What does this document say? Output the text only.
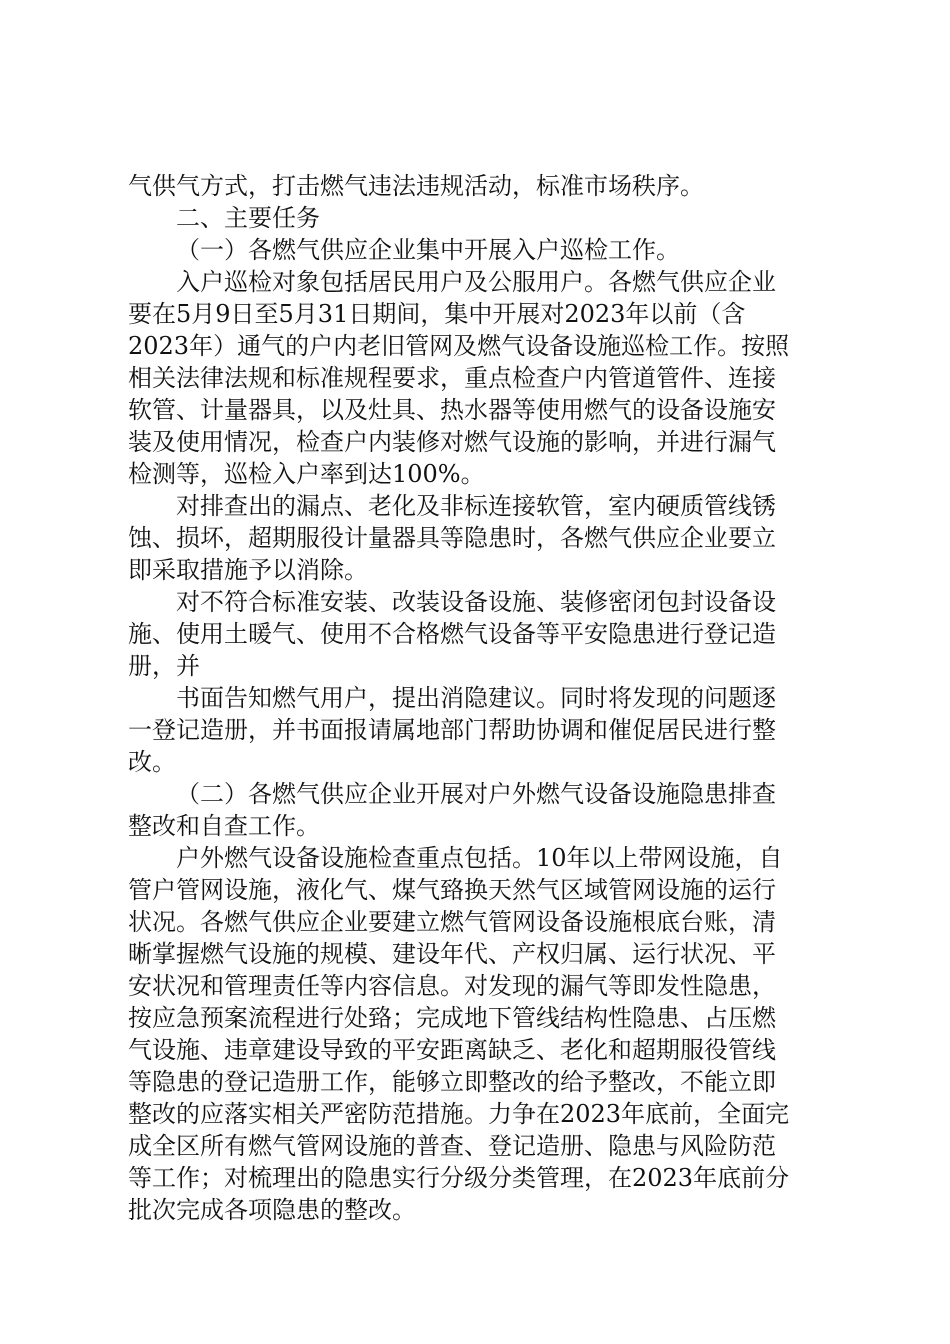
气供气方式，打击燃气违法违规活动，标准市场秩序。
二、主要任务
（一）各燃气供应企业集中开展入户巡检工作。
入户巡检对象包括居民用户及公服用户。各燃气供应企业
要在5月9日至5月31日期间，集中开展对2023年以前（含
2023年）通气的户内老旧管网及燃气设备设施巡检工作。按照
相关法律法规和标准规程要求，重点检查户内管道管件、连接
软管、计量器具，以及灶具、热水器等使用燃气的设备设施安
装及使用情况，检查户内装修对燃气设施的影响，并进行漏气
检测等，巡检入户率到达100%。
对排查出的漏点、老化及非标连接软管，室内硬质管线锈
蚀、损坏，超期服役计量器具等隐患时，各燃气供应企业要立
即采取措施予以消除。
对不符合标准安装、改装设备设施、装修密闭包封设备设
施、使用土暖气、使用不合格燃气设备等平安隐患进行登记造
册，并
书面告知燃气用户，提出消隐建议。同时将发现的问题逐
一登记造册，并书面报请属地部门帮助协调和催促居民进行整
改。
（二）各燃气供应企业开展对户外燃气设备设施隐患排查
整改和自查工作。
户外燃气设备设施检查重点包括。10年以上带网设施，自
管户管网设施，液化气、煤气臵换天然气区域管网设施的运行
状况。各燃气供应企业要建立燃气管网设备设施根底台账，清
晰掌握燃气设施的规模、建设年代、产权归属、运行状况、平
安状况和管理责任等内容信息。对发现的漏气等即发性隐患，
按应急预案流程进行处臵；完成地下管线结构性隐患、占压燃
气设施、违章建设导致的平安距离缺乏、老化和超期服役管线
等隐患的登记造册工作，能够立即整改的给予整改，不能立即
整改的应落实相关严密防范措施。力争在2023年底前，全面完
成全区所有燃气管网设施的普查、登记造册、隐患与风险防范
等工作；对梳理出的隐患实行分级分类管理，在2023年底前分
批次完成各项隐患的整改。
